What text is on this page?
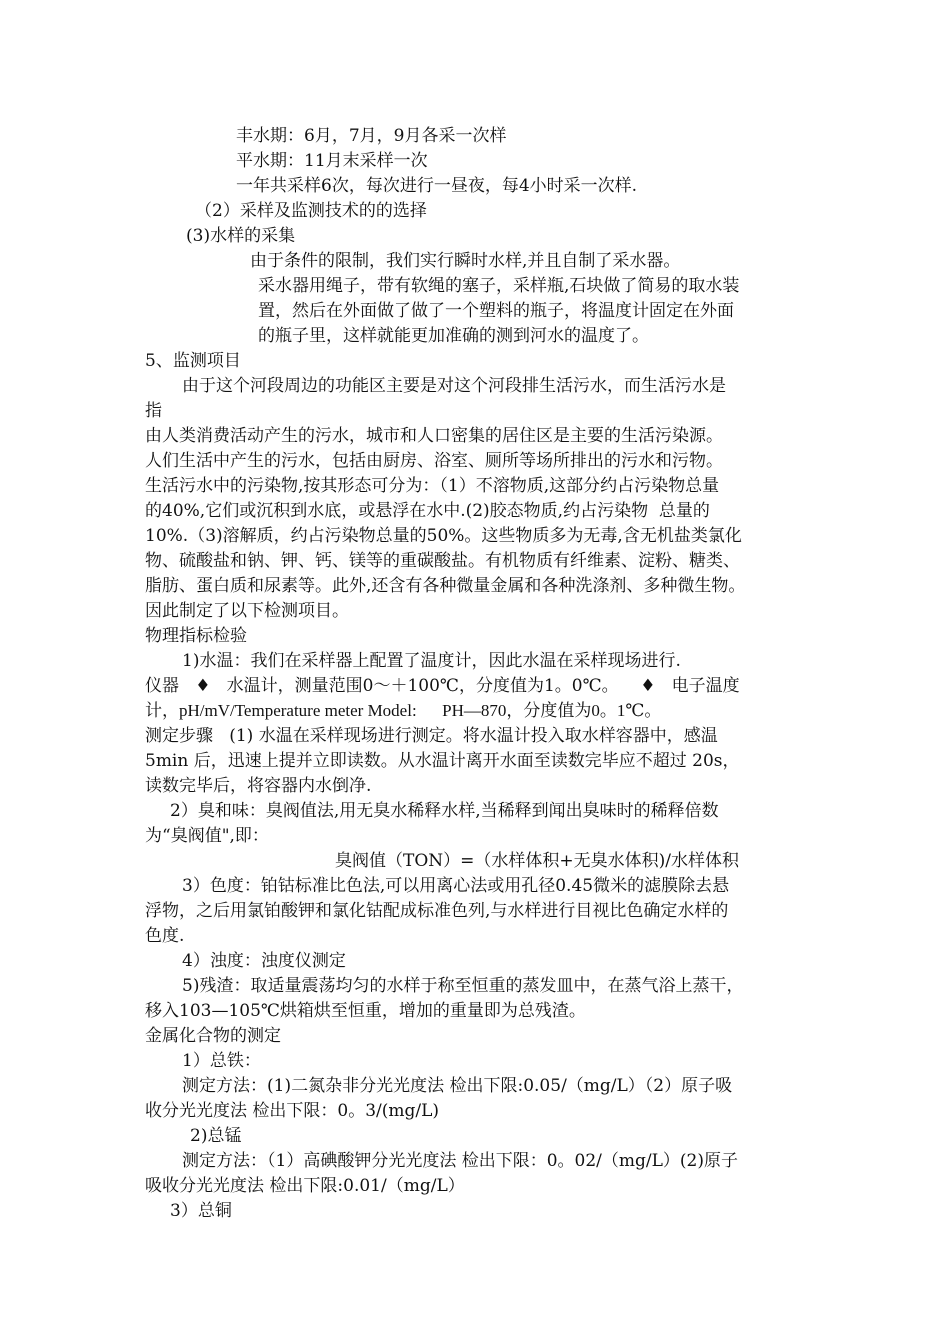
丰水期：6月，7月，9月各采一次样
平水期：11月末采样一次
一年共采样6次，每次进行一昼夜，每4小时采一次样.
（2）采样及监测技术的的选择
(3)水样的采集
由于条件的限制，我们实行瞬时水样,并且自制了采水器。
采水器用绳子，带有软绳的塞子，采样瓶,石块做了简易的取水装
置，然后在外面做了做了一个塑料的瓶子，将温度计固定在外面
的瓶子里，这样就能更加准确的测到河水的温度了。
5、监测项目
由于这个河段周边的功能区主要是对这个河段排生活污水，而生活污水是
指
由人类消费活动产生的污水，城市和人口密集的居住区是主要的生活污染源。
人们生活中产生的污水，包括由厨房、浴室、厕所等场所排出的污水和污物。
生活污水中的污染物,按其形态可分为：（1）不溶物质,这部分约占污染物总量
的40%,它们或沉积到水底，或悬浮在水中.(2)胶态物质,约占污染物  总量的
10%.（3)溶解质，约占污染物总量的50%。这些物质多为无毒,含无机盐类氯化
物、硫酸盐和钠、钾、钙、镁等的重碳酸盐。有机物质有纤维素、淀粉、糖类、
脂肪、蛋白质和尿素等。此外,还含有各种微量金属和各种洗涤剂、多种微生物。
因此制定了以下检测项目。
物理指标检验
1)水温：我们在采样器上配置了温度计，因此水温在采样现场进行.
仪器   ♦   水温计，测量范围0～＋100℃，分度值为1。0℃。    ♦   电子温度
计，pH/mV/Temperature meter Model:      PH—870，分度值为0。1℃。
测定步骤   (1) 水温在采样现场进行测定。将水温计投入取水样容器中，感温
5min 后，迅速上提并立即读数。从水温计离开水面至读数完毕应不超过 20s，
读数完毕后，将容器内水倒净.
2）臭和味：臭阀值法,用无臭水稀释水样,当稀释到闻出臭味时的稀释倍数
为“臭阀值",即：
臭阀值（TON）=（水样体积+无臭水体积)/水样体积
3）色度：铂钴标准比色法,可以用离心法或用孔径0.45微米的滤膜除去悬
浮物，之后用氯铂酸钾和氯化钴配成标准色列,与水样进行目视比色确定水样的
色度.
4）浊度：浊度仪测定
5)残渣：取适量震荡均匀的水样于称至恒重的蒸发皿中，在蒸气浴上蒸干，
移入103—105℃烘箱烘至恒重，增加的重量即为总残渣。
金属化合物的测定
1）总铁：
测定方法：(1)二氮杂非分光光度法 检出下限:0.05/（mg/L）（2）原子吸
收分光光度法 检出下限：0。3/(mg/L)
2)总锰
测定方法：（1）高碘酸钾分光光度法 检出下限：0。02/（mg/L）(2)原子
吸收分光光度法 检出下限:0.01/（mg/L）
3）总铜
